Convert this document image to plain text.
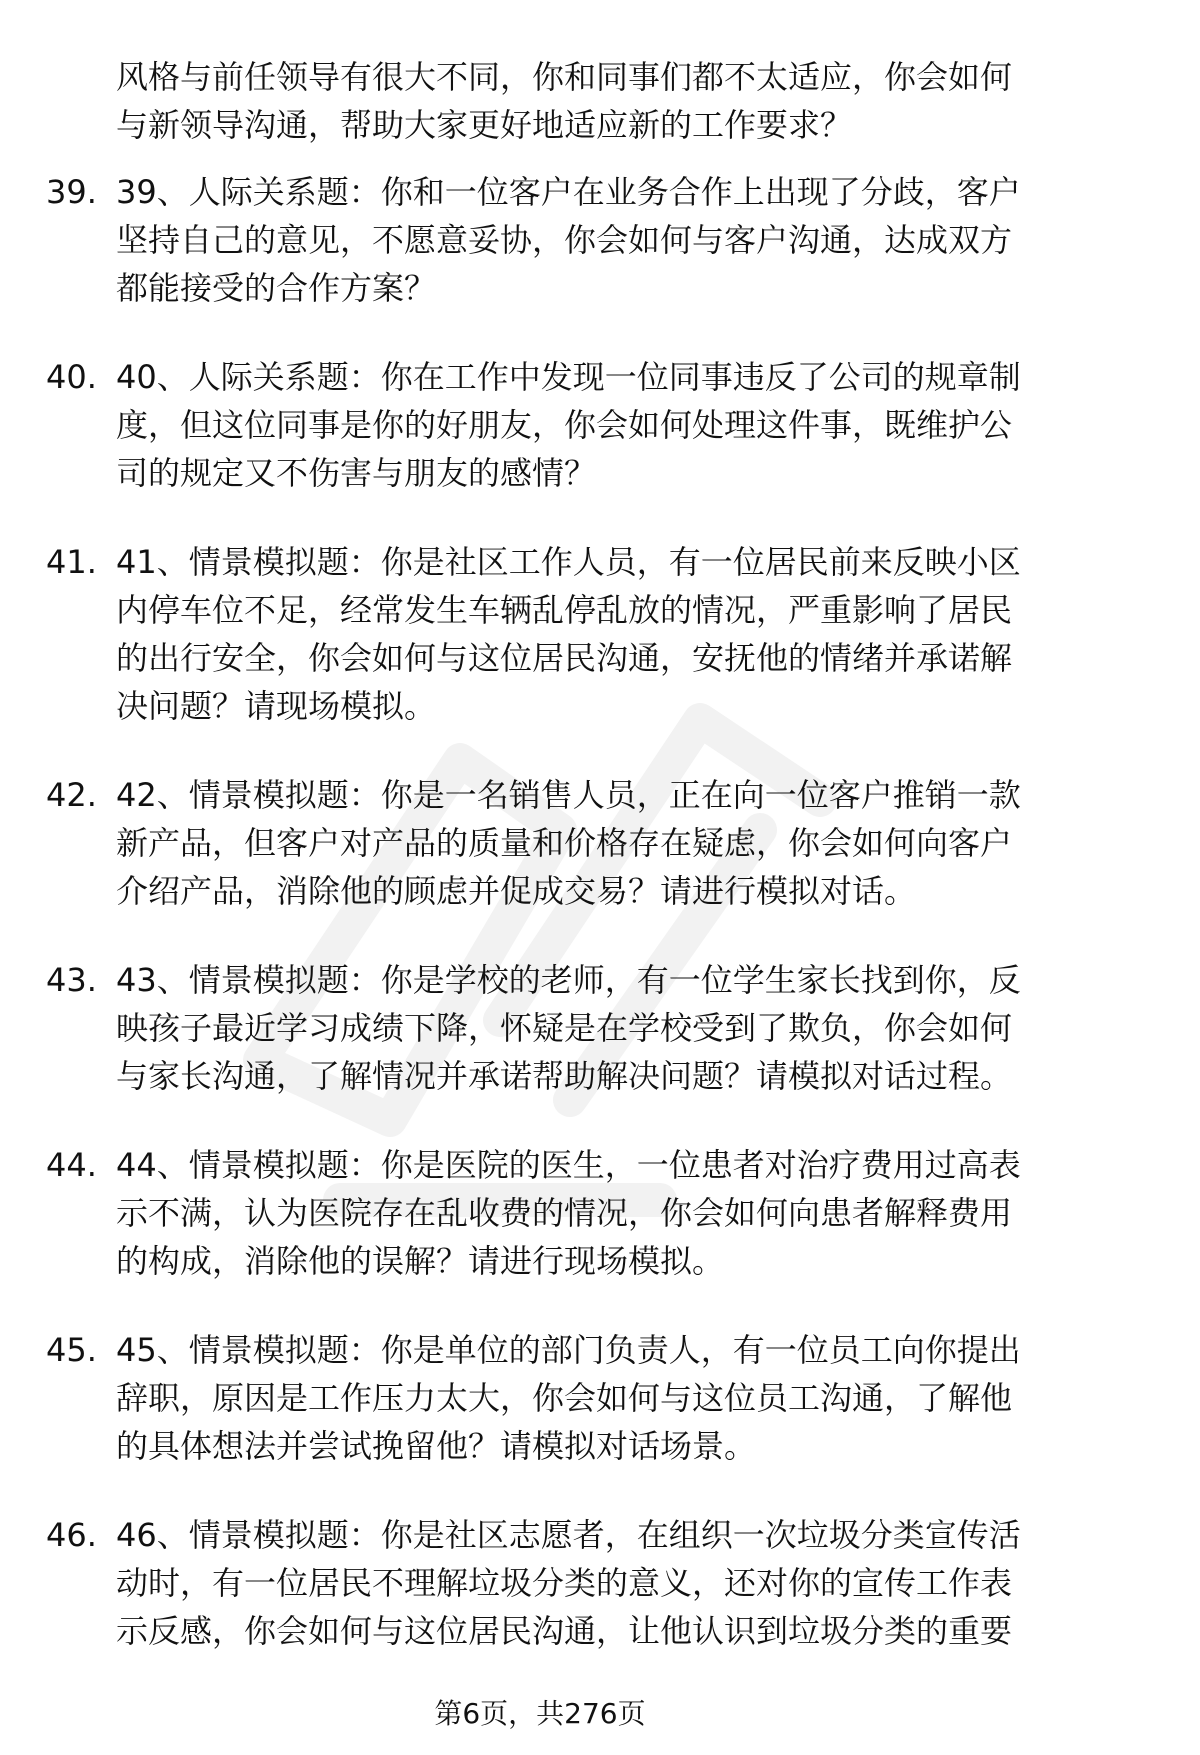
风格与前任领导有很大不同，你和同事们都不太适应，你会如何与新领导沟通，帮助大家更好地适应新的工作要求？

39. 39、人际关系题：你和一位客户在业务合作上出现了分歧，客户坚持自己的意见，不愿意妥协，你会如何与客户沟通，达成双方都能接受的合作方案？
40. 40、人际关系题：你在工作中发现一位同事违反了公司的规章制度，但这位同事是你的好朋友，你会如何处理这件事，既维护公司的规定又不伤害与朋友的感情？
41. 41、情景模拟题：你是社区工作人员，有一位居民前来反映小区内停车位不足，经常发生车辆乱停乱放的情况，严重影响了居民的出行安全，你会如何与这位居民沟通，安抚他的情绪并承诺解决问题？请现场模拟。
42. 42、情景模拟题：你是一名销售人员，正在向一位客户推销一款新产品，但客户对产品的质量和价格存在疑虑，你会如何向客户介绍产品，消除他的顾虑并促成交易？请进行模拟对话。
43. 43、情景模拟题：你是学校的老师，有一位学生家长找到你，反映孩子最近学习成绩下降，怀疑是在学校受到了欺负，你会如何与家长沟通，了解情况并承诺帮助解决问题？请模拟对话过程。
44. 44、情景模拟题：你是医院的医生，一位患者对治疗费用过高表示不满，认为医院存在乱收费的情况，你会如何向患者解释费用的构成，消除他的误解？请进行现场模拟。
45. 45、情景模拟题：你是单位的部门负责人，有一位员工向你提出辞职，原因是工作压力太大，你会如何与这位员工沟通，了解他的具体想法并尝试挽留他？请模拟对话场景。
46. 46、情景模拟题：你是社区志愿者，在组织一次垃圾分类宣传活动时，有一位居民不理解垃圾分类的意义，还对你的宣传工作表示反感，你会如何与这位居民沟通，让他认识到垃圾分类的重要
第6页，共276页
